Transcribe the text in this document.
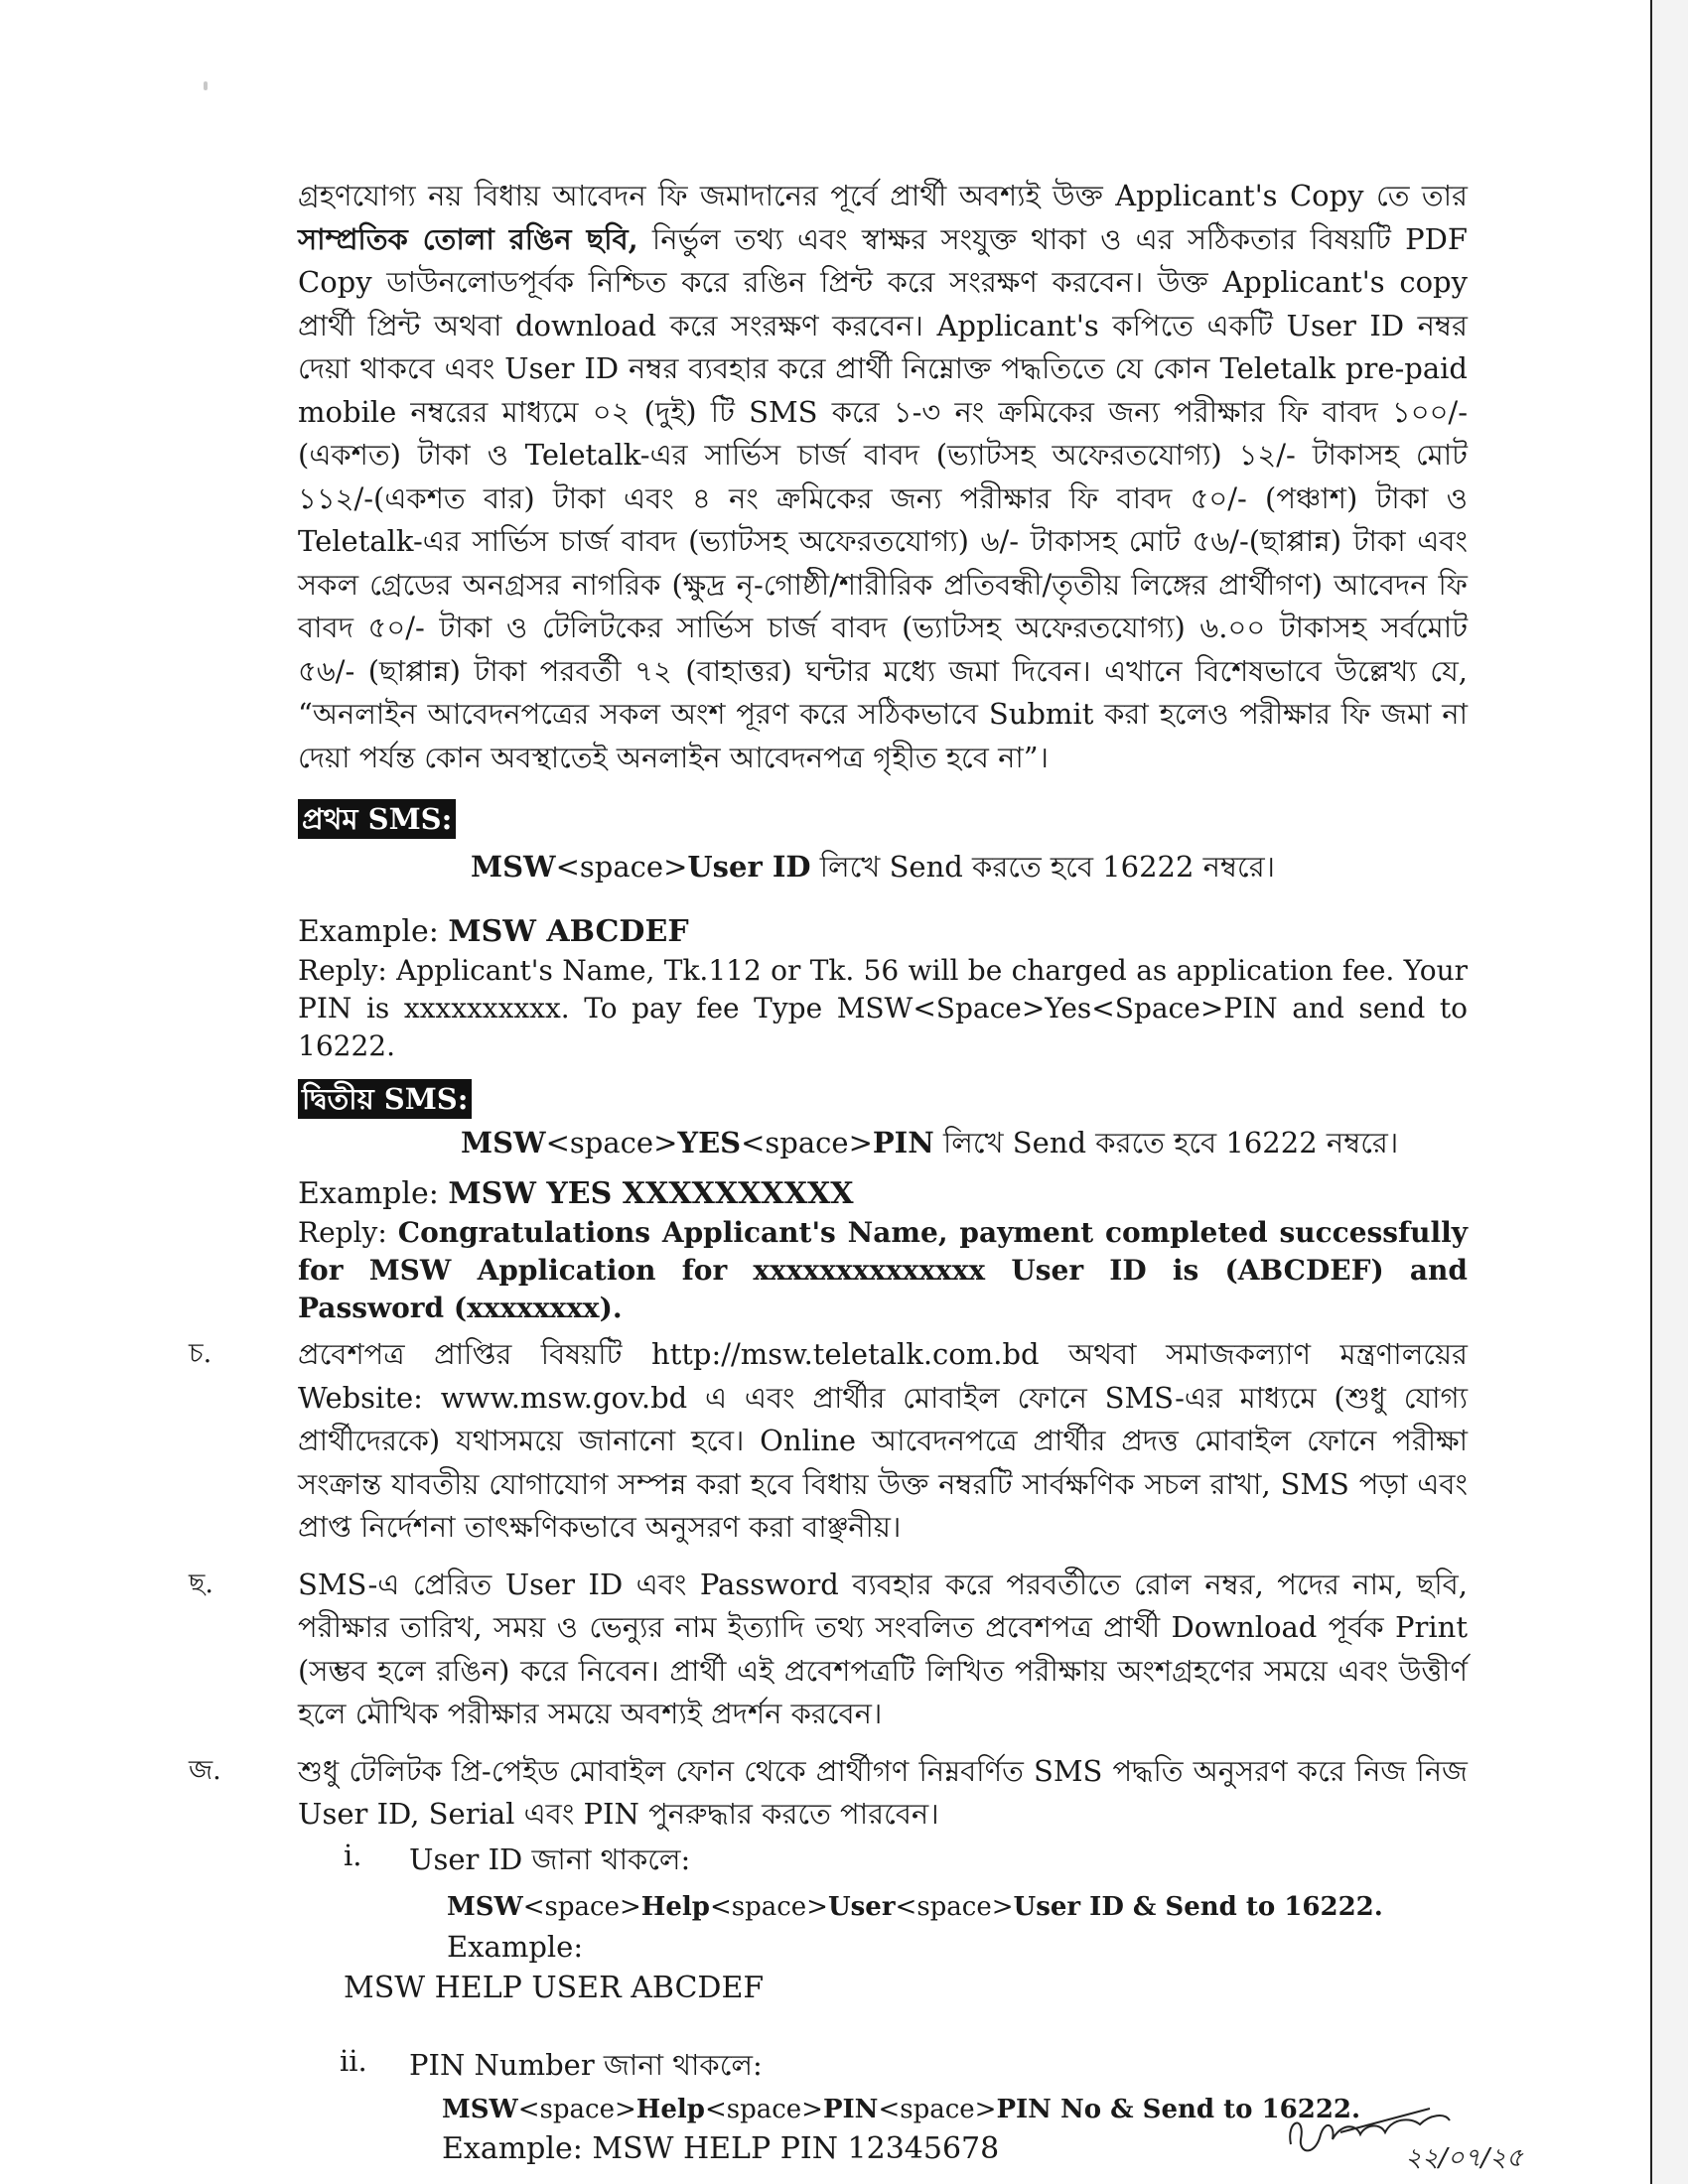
গ্রহণযোগ্য নয় বিধায় আবেদন ফি জমাদানের পূর্বে প্রার্থী অবশ্যই উক্ত Applicant's Copy তে তার সাম্প্রতিক তোলা রঙিন ছবি, নির্ভুল তথ্য এবং স্বাক্ষর সংযুক্ত থাকা ও এর সঠিকতার বিষয়টি PDF Copy ডাউনলোডপূর্বক নিশ্চিত করে রঙিন প্রিন্ট করে সংরক্ষণ করবেন। উক্ত Applicant's copy প্রার্থী প্রিন্ট অথবা download করে সংরক্ষণ করবেন। Applicant's কপিতে একটি User ID নম্বর দেয়া থাকবে এবং User ID নম্বর ব্যবহার করে প্রার্থী নিম্নোক্ত পদ্ধতিতে যে কোন Teletalk pre-paid mobile নম্বরের মাধ্যমে ০২ (দুই) টি SMS করে ১-৩ নং ক্রমিকের জন্য পরীক্ষার ফি বাবদ ১০০/-(একশত) টাকা ও Teletalk-এর সার্ভিস চার্জ বাবদ (ভ্যাটসহ অফেরতযোগ্য) ১২/- টাকাসহ মোট ১১২/-(একশত বার) টাকা এবং ৪ নং ক্রমিকের জন্য পরীক্ষার ফি বাবদ ৫০/- (পঞ্চাশ) টাকা ও Teletalk-এর সার্ভিস চার্জ বাবদ (ভ্যাটসহ অফেরতযোগ্য) ৬/- টাকাসহ মোট ৫৬/-(ছাপ্পান্ন) টাকা এবং সকল গ্রেডের অনগ্রসর নাগরিক (ক্ষুদ্র নৃ-গোষ্ঠী/শারীরিক প্রতিবন্ধী/তৃতীয় লিঙ্গের প্রার্থীগণ) আবেদন ফি বাবদ ৫০/- টাকা ও টেলিটকের সার্ভিস চার্জ বাবদ (ভ্যাটসহ অফেরতযোগ্য) ৬.০০ টাকাসহ সর্বমোট ৫৬/- (ছাপ্পান্ন) টাকা পরবর্তী ৭২ (বাহাত্তর) ঘন্টার মধ্যে জমা দিবেন। এখানে বিশেষভাবে উল্লেখ্য যে, “অনলাইন আবেদনপত্রের সকল অংশ পূরণ করে সঠিকভাবে Submit করা হলেও পরীক্ষার ফি জমা না দেয়া পর্যন্ত কোন অবস্থাতেই অনলাইন আবেদনপত্র গৃহীত হবে না”।

প্রথম SMS:
MSW<space>User ID লিখে Send করতে হবে 16222 নম্বরে।
Example: MSW ABCDEF
Reply: Applicant's Name, Tk.112 or Tk. 56 will be charged as application fee. Your PIN is xxxxxxxxxx. To pay fee Type MSW<Space>Yes<Space>PIN and send to 16222.
দ্বিতীয় SMS:
MSW<space>YES<space>PIN লিখে Send করতে হবে 16222 নম্বরে।
Example: MSW YES XXXXXXXXXX
Reply: Congratulations Applicant's Name, payment completed successfully for MSW Application for xxxxxxxxxxxxxx User ID is (ABCDEF) and Password (xxxxxxxx).
চ.	প্রবেশপত্র প্রাপ্তির বিষয়টি http://msw.teletalk.com.bd অথবা সমাজকল্যাণ মন্ত্রণালয়ের Website: www.msw.gov.bd এ এবং প্রার্থীর মোবাইল ফোনে SMS-এর মাধ্যমে (শুধু যোগ্য প্রার্থীদেরকে) যথাসময়ে জানানো হবে। Online আবেদনপত্রে প্রার্থীর প্রদত্ত মোবাইল ফোনে পরীক্ষা সংক্রান্ত যাবতীয় যোগাযোগ সম্পন্ন করা হবে বিধায় উক্ত নম্বরটি সার্বক্ষণিক সচল রাখা, SMS পড়া এবং প্রাপ্ত নির্দেশনা তাৎক্ষণিকভাবে অনুসরণ করা বাঞ্ছনীয়।

ছ.	SMS-এ প্রেরিত User ID এবং Password ব্যবহার করে পরবর্তীতে রোল নম্বর, পদের নাম, ছবি, পরীক্ষার তারিখ, সময় ও ভেন্যুর নাম ইত্যাদি তথ্য সংবলিত প্রবেশপত্র প্রার্থী Download পূর্বক Print (সম্ভব হলে রঙিন) করে নিবেন। প্রার্থী এই প্রবেশপত্রটি লিখিত পরীক্ষায় অংশগ্রহণের সময়ে এবং উত্তীর্ণ হলে মৌখিক পরীক্ষার সময়ে অবশ্যই প্রদর্শন করবেন।

জ.	শুধু টেলিটক প্রি-পেইড মোবাইল ফোন থেকে প্রার্থীগণ নিম্নবর্ণিত SMS পদ্ধতি অনুসরণ করে নিজ নিজ User ID, Serial এবং PIN পুনরুদ্ধার করতে পারবেন।

i. User ID জানা থাকলে:
MSW<space>Help<space>User<space>User ID & Send to 16222. Example:
MSW HELP USER ABCDEF
ii. PIN Number জানা থাকলে:
MSW<space>Help<space>PIN<space>PIN No & Send to 16222.
Example: MSW HELP PIN 12345678	২২/০৭/২৫
